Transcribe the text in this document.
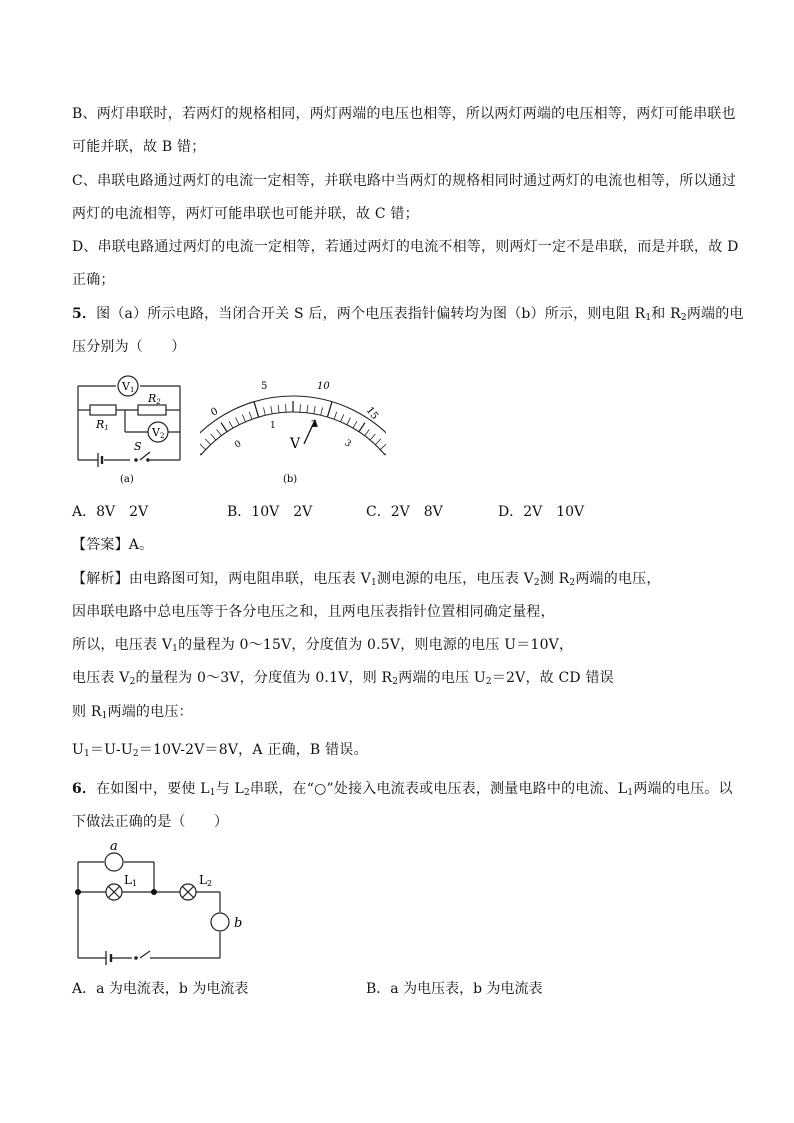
B、两灯串联时，若两灯的规格相同，两灯两端的电压也相等，所以两灯两端的电压相等，两灯可能串联也
可能并联，故 B 错；
C、串联电路通过两灯的电流一定相等，并联电路中当两灯的规格相同时通过两灯的电流也相等，所以通过
两灯的电流相等，两灯可能串联也可能并联，故 C 错；
D、串联电路通过两灯的电流一定相等，若通过两灯的电流不相等，则两灯一定不是串联，而是并联，故 D
正确；
5．图（a）所示电路，当闭合开关 S 后，两个电压表指针偏转均为图（b）所示，则电阻 $R_1$和 $R_2$两端的电
压分别为（　　）
V1
V2
R2
R1
S
(a)
0
5	10
15
0
1
3
V
(b)
A．8V　2V	B．10V　2V	C．2V　8V	D．2V　10V
【答案】A。
【解析】由电路图可知，两电阻串联，电压表 $V_1$测电源的电压，电压表 $V_2$测 $R_2$两端的电压，
因串联电路中总电压等于各分电压之和，且两电压表指针位置相同确定量程，
所以，电压表 $V_1$的量程为 0～15V，分度值为 0.5V，则电源的电压 U＝10V，
电压表 $V_2$的量程为 0～3V，分度值为 0.1V，则 $R_2$两端的电压 $U_2=2V$，故 CD 错误
则 $R_1$两端的电压：
$U_1=U-U_2=10V-2V=8V$，A 正确，B 错误。
6．在如图中，要使 $L_1$与 $L_2$串联，在“○”处接入电流表或电压表，测量电路中的电流、$L_1$两端的电压。以
下做法正确的是（　　）
a
b
L1	L2
A．a 为电流表，b 为电流表	B．a 为电压表，b 为电流表
